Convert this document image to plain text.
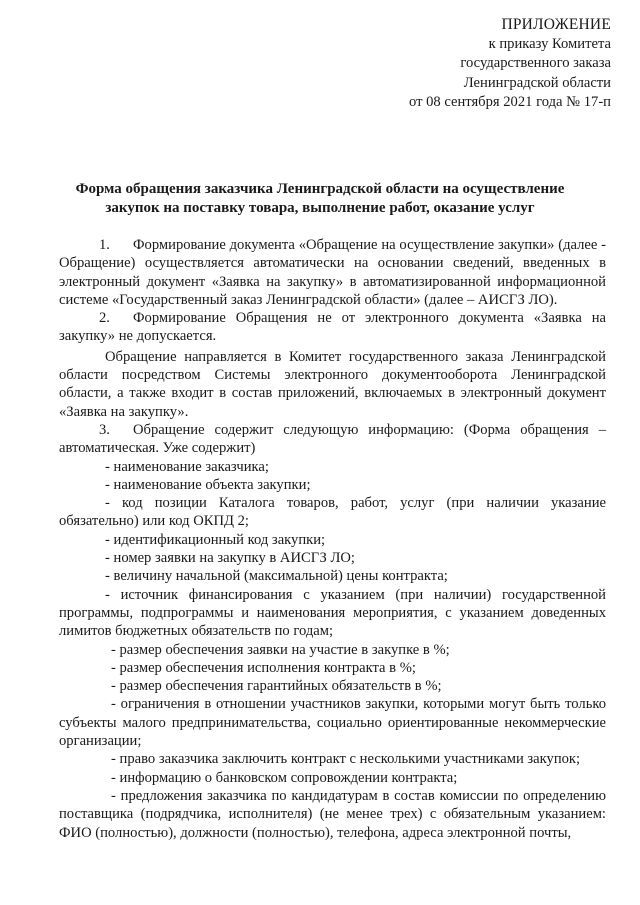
ПРИЛОЖЕНИЕ
к приказу Комитета
государственного заказа
Ленинградской области
от 08 сентября 2021 года № 17-п
Форма обращения заказчика Ленинградской области на осуществление
закупок на поставку товара, выполнение работ, оказание услуг

1. Формирование документа «Обращение на осуществление закупки» (далее - Обращение) осуществляется автоматически на основании сведений, введенных в электронный документ «Заявка на закупку» в автоматизированной информационной системе «Государственный заказ Ленинградской области» (далее – АИСГЗ ЛО).

2. Формирование Обращения не от электронного документа «Заявка на закупку» не допускается.

Обращение направляется в Комитет государственного заказа Ленинградской области посредством Системы электронного документооборота Ленинградской области, а также входит в состав приложений, включаемых в электронный документ «Заявка на закупку».

3. Обращение содержит следующую информацию: (Форма обращения – автоматическая. Уже содержит)

- наименование заказчика;

- наименование объекта закупки;

- код позиции Каталога товаров, работ, услуг (при наличии указание обязательно) или код ОКПД 2;

- идентификационный код закупки;

- номер заявки на закупку в АИСГЗ ЛО;

- величину начальной (максимальной) цены контракта;

- источник финансирования с указанием (при наличии) государственной программы, подпрограммы и наименования мероприятия, с указанием доведенных лимитов бюджетных обязательств по годам;

- размер обеспечения заявки на участие в закупке в %;

- размер обеспечения исполнения контракта в %;

- размер обеспечения гарантийных обязательств в %;

- ограничения в отношении участников закупки, которыми могут быть только субъекты малого предпринимательства, социально ориентированные некоммерческие организации;

- право заказчика заключить контракт с несколькими участниками закупок;

- информацию о банковском сопровождении контракта;

- предложения заказчика по кандидатурам в состав комиссии по определению поставщика (подрядчика, исполнителя) (не менее трех) с обязательным указанием: ФИО (полностью), должности (полностью), телефона, адреса электронной почты,
